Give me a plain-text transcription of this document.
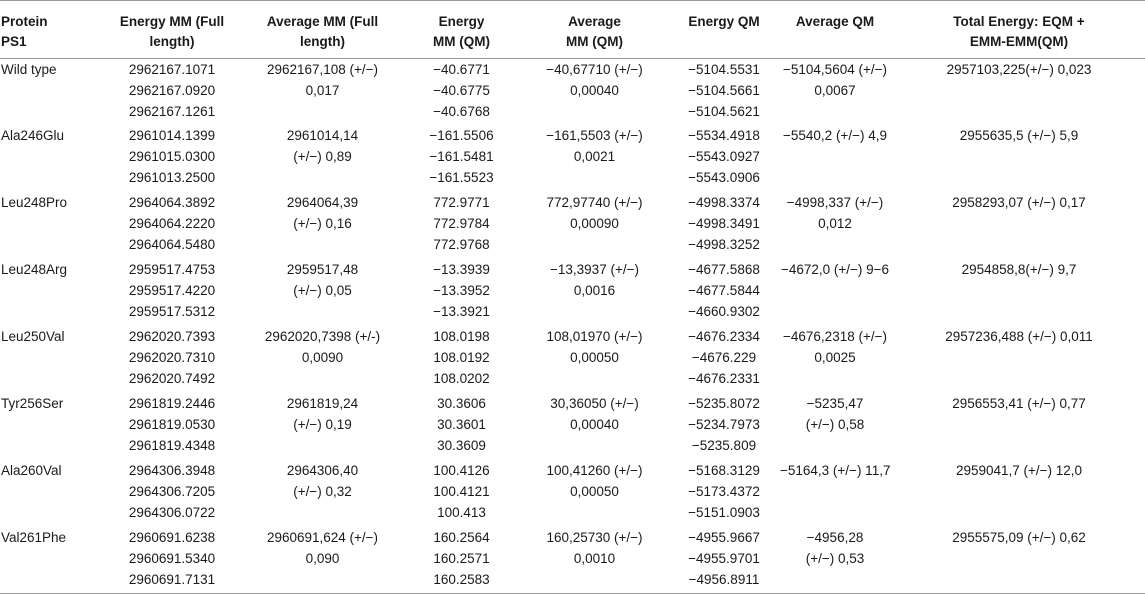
Protein
PS1	Energy MM (Full
length)	Average MM (Full
length)	Energy
MM (QM)	Average
MM (QM)	Energy QM	Average QM	Total Energy: EQM +
EMM-EMM(QM)

Wild type	2962167.1071
2962167.0920
2962167.1261	2962167,108 (+/−)
0,017	−40.6771
−40.6775
−40.6768	−40,67710 (+/−)
0,00040	−5104.5531
−5104.5661
−5104.5621	−5104,5604 (+/−)
0,0067	2957103,225(+/−) 0,023

Ala246Glu	2961014.1399
2961015.0300
2961013.2500	2961014,14
(+/−) 0,89	−161.5506
−161.5481
−161.5523	−161,5503 (+/−)
0,0021	−5534.4918
−5543.0927
−5543.0906	−5540,2 (+/−) 4,9	2955635,5 (+/−) 5,9

Leu248Pro	2964064.3892
2964064.2220
2964064.5480	2964064,39
(+/−) 0,16	772.9771
772.9784
772.9768	772,97740 (+/−)
0,00090	−4998.3374
−4998.3491
−4998.3252	−4998,337 (+/−)
0,012	2958293,07 (+/−) 0,17

Leu248Arg	2959517.4753
2959517.4220
2959517.5312	2959517,48
(+/−) 0,05	−13.3939
−13.3952
−13.3921	−13,3937 (+/−)
0,0016	−4677.5868
−4677.5844
−4660.9302	−4672,0 (+/−) 9−6	2954858,8(+/−) 9,7

Leu250Val	2962020.7393
2962020.7310
2962020.7492	2962020,7398 (+/-)
0,0090	108.0198
108.0192
108.0202	108,01970 (+/−)
0,00050	−4676.2334
−4676.229
−4676.2331	−4676,2318 (+/−)
0,0025	2957236,488 (+/−) 0,011

Tyr256Ser	2961819.2446
2961819.0530
2961819.4348	2961819,24
(+/−) 0,19	30.3606
30.3601
30.3609	30,36050 (+/−)
0,00040	−5235.8072
−5234.7973
−5235.809	−5235,47
(+/−) 0,58	2956553,41 (+/−) 0,77

Ala260Val	2964306.3948
2964306.7205
2964306.0722	2964306,40
(+/−) 0,32	100.4126
100.4121
100.413	100,41260 (+/−)
0,00050	−5168.3129
−5173.4372
−5151.0903	−5164,3 (+/−) 11,7	2959041,7 (+/−) 12,0

Val261Phe	2960691.6238
2960691.5340
2960691.7131	2960691,624 (+/−)
0,090	160.2564
160.2571
160.2583	160,25730 (+/−)
0,0010	−4955.9667
−4955.9701
−4956.8911	−4956,28
(+/−) 0,53	2955575,09 (+/−) 0,62
